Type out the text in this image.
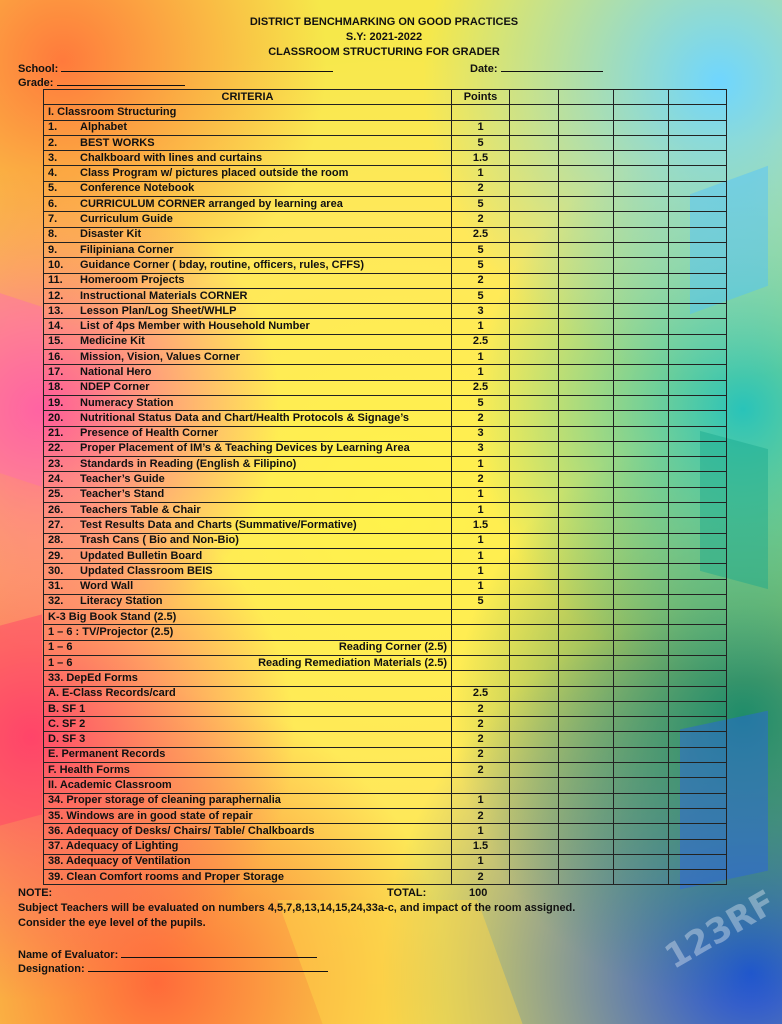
DISTRICT BENCHMARKING ON GOOD PRACTICES
S.Y: 2021-2022
CLASSROOM STRUCTURING FOR GRADER
School:	Date:
Grade:
CRITERIA	Points				
I. Classroom Structuring					
1. Alphabet	1				
2. BEST WORKS	5				
3. Chalkboard with lines and curtains	1.5				
4. Class Program w/ pictures placed outside the room	1				
5. Conference Notebook	2				
6. CURRICULUM CORNER arranged by learning area	5				
7. Curriculum Guide	2				
8. Disaster Kit	2.5				
9. Filipiniana Corner	5				
10. Guidance Corner ( bday, routine, officers, rules, CFFS)	5				
11. Homeroom Projects	2				
12. Instructional Materials CORNER	5				
13. Lesson Plan/Log Sheet/WHLP	3				
14. List of 4ps Member with Household Number	1				
15. Medicine Kit	2.5				
16. Mission, Vision, Values Corner	1				
17. National Hero	1				
18. NDEP Corner	2.5				
19. Numeracy Station	5				
20. Nutritional Status Data and Chart/Health Protocols & Signage’s	2				
21. Presence of Health Corner	3				
22. Proper Placement of IM’s & Teaching Devices by Learning Area	3				
23. Standards in Reading (English & Filipino)	1				
24. Teacher’s Guide	2				
25. Teacher’s Stand	1				
26. Teachers Table & Chair	1				
27. Test Results Data and Charts (Summative/Formative)	1.5				
28. Trash Cans ( Bio and Non-Bio)	1				
29. Updated Bulletin Board	1				
30. Updated Classroom BEIS	1				
31. Word Wall	1				
32. Literacy Station	5				

K-3 Big Book Stand (2.5)					

1 – 6 : TV/Projector (2.5)					

1 – 6 Reading Corner (2.5)					

1 – 6 Reading Remediation Materials (2.5)					

33. DepEd Forms					
A. E-Class Records/card	2.5				
B. SF 1	2				
C. SF 2	2				
D. SF 3	2				
E. Permanent Records	2				
F. Health Forms	2				
II. Academic Classroom					
34. Proper storage of cleaning paraphernalia	1				
35. Windows are in good state of repair	2				
36. Adequacy of Desks/ Chairs/ Table/ Chalkboards	1				
37. Adequacy of Lighting	1.5				
38. Adequacy of Ventilation	1				
39. Clean Comfort rooms and Proper Storage	2				
NOTE:	TOTAL:	100
Subject Teachers will be evaluated on numbers 4,5,7,8,13,14,15,24,33a-c, and impact of the room assigned.
Consider the eye level of the pupils.
Name of Evaluator:
Designation:	123RF
